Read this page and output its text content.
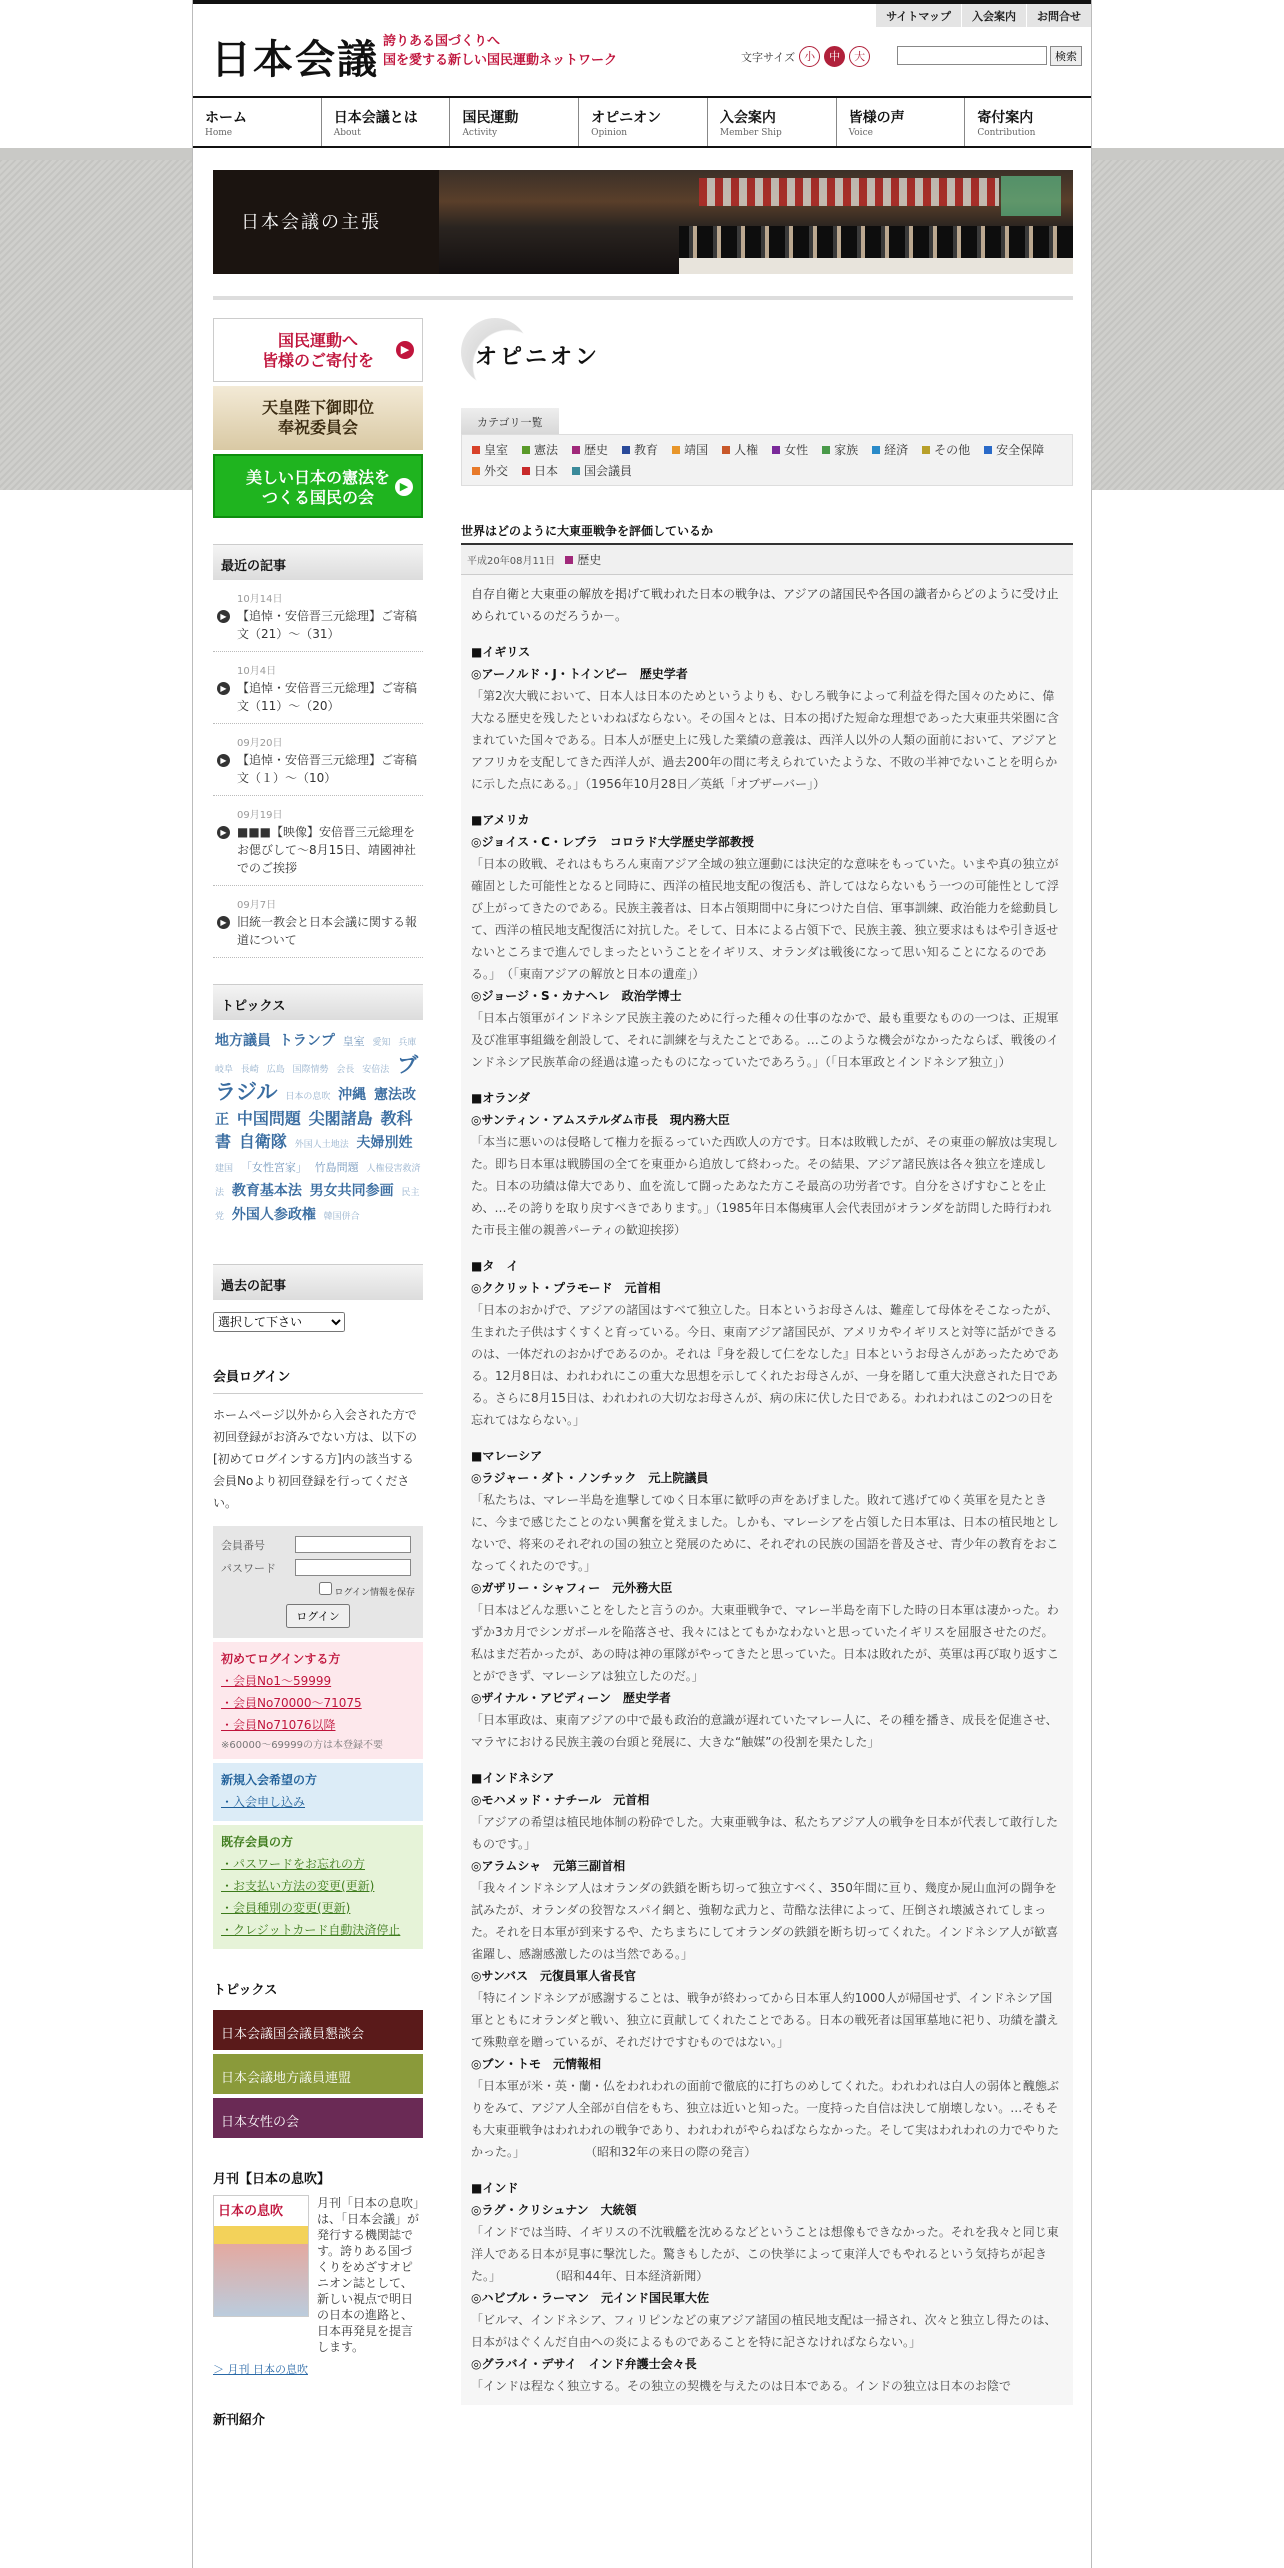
サイトマップ	入会案内	お問合せ
日本会議 誇りある国づくりへ
国を愛する新しい国民運動ネットワーク	文字サイズ 小	中	大	検索
ホーム
Home
日本会議とは
About
国民運動
Activity
オピニオン
Opinion
入会案内
Member Ship
皆様の声
Voice
寄付案内
Contribution
日本会議の主張
国民運動へ
皆様のご寄付を
▶
天皇陛下御即位
奉祝委員会
美しい日本の憲法を
つくる国民の会
▶
最近の記事
10月14日
▶ 【追悼・安倍晋三元総理】ご寄稿文（21）～（31）
10月4日
▶ 【追悼・安倍晋三元総理】ご寄稿文（11）～（20）
09月20日
▶ 【追悼・安倍晋三元総理】ご寄稿文（１）～（10）
09月19日
▶ ■■■【映像】安倍晋三元総理をお偲びして～8月15日、靖國神社でのご挨拶
09月7日
▶ 旧統一教会と日本会議に関する報道について
トピックス
地方議員 トランプ 皇室 愛知 兵庫 岐阜 長崎 広島 国際情勢 会長 安倍法 ブラジル 日本の息吹 沖縄 憲法改正 中国問題 尖閣諸島 教科書 自衛隊 外国人土地法 夫婦別姓 建国 「女性宮家」 竹島問題 人権侵害救済法 教育基本法 男女共同参画 民主党 外国人参政権 韓国併合
過去の記事
選択して下さい
会員ログイン

ホームページ以外から入会された方で初回登録がお済みでない方は、以下の[初めてログインする方]内の該当する会員Noより初回登録を行ってください。

会員番号
パスワード
ログイン情報を保存
ログイン
初めてログインする方
・会員No1～59999
・会員No70000～71075
・会員No71076以降
※60000～69999の方は本登録不要
新規入会希望の方
・入会申し込み
既存会員の方
・パスワードをお忘れの方
・お支払い方法の変更(更新)
・会員種別の変更(更新)
・クレジットカード自動決済停止
トピックス
日本会議国会議員懇談会
日本会議地方議員連盟
日本女性の会
月刊【日本の息吹】
日本の息吹

月刊「日本の息吹」は、「日本会議」が発行する機関誌です。誇りある国づくりをめざすオピニオン誌として、新しい視点で明日の日本の進路と、日本再発見を提言します。

＞ 月刊 日本の息吹
新刊紹介
オピニオン
カテゴリ一覧
皇室 憲法 歴史 教育 靖国 人権 女性 家族 経済 その他 安全保障
外交 日本 国会議員
世界はどのように大東亜戦争を評価しているか
平成20年08月11日 歴史

自存自衛と大東亜の解放を掲げて戦われた日本の戦争は、アジアの諸国民や各国の識者からどのように受け止められているのだろうか－。

■イギリス
◎アーノルド・J・トインビー　歴史学者
「第2次大戦において、日本人は日本のためというよりも、むしろ戦争によって利益を得た国々のために、偉大なる歴史を残したといわねばならない。その国々とは、日本の掲げた短命な理想であった大東亜共栄圏に含まれていた国々である。日本人が歴史上に残した業績の意義は、西洋人以外の人類の面前において、アジアとアフリカを支配してきた西洋人が、過去200年の間に考えられていたような、不敗の半神でないことを明らかに示した点にある。」（1956年10月28日／英紙「オブザーバー」）
■アメリカ
◎ジョイス・C・レブラ　コロラド大学歴史学部教授
「日本の敗戦、それはもちろん東南アジア全域の独立運動には決定的な意味をもっていた。いまや真の独立が確固とした可能性となると同時に、西洋の植民地支配の復活も、許してはならないもう一つの可能性として浮び上がってきたのである。民族主義者は、日本占領期間中に身につけた自信、軍事訓練、政治能力を総動員して、西洋の植民地支配復活に対抗した。そして、日本による占領下で、民族主義、独立要求はもはや引き返せないところまで進んでしまったということをイギリス、オランダは戦後になって思い知ることになるのである。」　（「東南アジアの解放と日本の遺産」）
◎ジョージ・S・カナヘレ　政治学博士
「日本占領軍がインドネシア民族主義のために行った種々の仕事のなかで、最も重要なものの一つは、正規軍及び准軍事組織を創設して、それに訓練を与えたことである。…このような機会がなかったならば、戦後のインドネシア民族革命の経過は違ったものになっていたであろう。」（「日本軍政とインドネシア独立」）
■オランダ
◎サンティン・アムステルダム市長　現内務大臣
「本当に悪いのは侵略して権力を振るっていた西欧人の方です。日本は敗戦したが、その東亜の解放は実現した。即ち日本軍は戦勝国の全てを東亜から追放して終わった。その結果、アジア諸民族は各々独立を達成した。日本の功績は偉大であり、血を流して闘ったあなた方こそ最高の功労者です。自分をさげすむことを止め、…その誇りを取り戻すべきであります。」（1985年日本傷痍軍人会代表団がオランダを訪問した時行われた市長主催の親善パーティの歓迎挨拶）
■タ　イ
◎ククリット・プラモード　元首相
「日本のおかげで、アジアの諸国はすべて独立した。日本というお母さんは、難産して母体をそこなったが、生まれた子供はすくすくと育っている。今日、東南アジア諸国民が、アメリカやイギリスと対等に話ができるのは、一体だれのおかげであるのか。それは『身を殺して仁をなした』日本というお母さんがあったためである。12月8日は、われわれにこの重大な思想を示してくれたお母さんが、一身を賭して重大決意された日である。さらに8月15日は、われわれの大切なお母さんが、病の床に伏した日である。われわれはこの2つの日を忘れてはならない。」
■マレーシア
◎ラジャー・ダト・ノンチック　元上院議員
「私たちは、マレー半島を進撃してゆく日本軍に歓呼の声をあげました。敗れて逃げてゆく英軍を見たときに、今まで感じたことのない興奮を覚えました。しかも、マレーシアを占領した日本軍は、日本の植民地としないで、将来のそれぞれの国の独立と発展のために、それぞれの民族の国語を普及させ、青少年の教育をおこなってくれたのです。」
◎ガザリー・シャフィー　元外務大臣
「日本はどんな悪いことをしたと言うのか。大東亜戦争で、マレー半島を南下した時の日本軍は凄かった。わずか3カ月でシンガポールを陥落させ、我々にはとてもかなわないと思っていたイギリスを屈服させたのだ。私はまだ若かったが、あの時は神の軍隊がやってきたと思っていた。日本は敗れたが、英軍は再び取り返すことができず、マレーシアは独立したのだ。」
◎ザイナル・アビディーン　歴史学者
「日本軍政は、東南アジアの中で最も政治的意識が遅れていたマレー人に、その種を播き、成長を促進させ、マラヤにおける民族主義の台頭と発展に、大きな“触媒”の役割を果たした」
■インドネシア
◎モハメッド・ナチール　元首相
「アジアの希望は植民地体制の粉砕でした。大東亜戦争は、私たちアジア人の戦争を日本が代表して敢行したものです。」
◎アラムシャ　元第三副首相
「我々インドネシア人はオランダの鉄鎖を断ち切って独立すべく、350年間に亘り、幾度か屍山血河の闘争を試みたが、オランダの狡智なスパイ網と、強靭な武力と、苛酷な法律によって、圧倒され壊滅されてしまった。それを日本軍が到来するや、たちまちにしてオランダの鉄鎖を断ち切ってくれた。インドネシア人が歓喜雀躍し、感謝感激したのは当然である。」
◎サンバス　元復員軍人省長官
「特にインドネシアが感謝することは、戦争が終わってから日本軍人約1000人が帰国せず、インドネシア国軍とともにオランダと戦い、独立に貢献してくれたことである。日本の戦死者は国軍墓地に祀り、功績を讃えて殊勲章を贈っているが、それだけですむものではない。」
◎ブン・トモ　元情報相
「日本軍が米・英・蘭・仏をわれわれの面前で徹底的に打ちのめしてくれた。われわれは白人の弱体と醜態ぶりをみて、アジア人全部が自信をもち、独立は近いと知った。一度持った自信は決して崩壊しない。…そもそも大東亜戦争はわれわれの戦争であり、われわれがやらねばならなかった。そして実はわれわれの力でやりたかった。」　　　　　　（昭和32年の来日の際の発言）
■インド
◎ラグ・クリシュナン　大統領
「インドでは当時、イギリスの不沈戦艦を沈めるなどということは想像もできなかった。それを我々と同じ東洋人である日本が見事に撃沈した。驚きもしたが、この快挙によって東洋人でもやれるという気持ちが起きた。」　　　　　（昭和44年、日本経済新聞）
◎ハビブル・ラーマン　元インド国民軍大佐
「ビルマ、インドネシア、フィリピンなどの東アジア諸国の植民地支配は一掃され、次々と独立し得たのは、日本がはぐくんだ自由への炎によるものであることを特に記さなければならない。」
◎グラバイ・デサイ　インド弁護士会々長
「インドは程なく独立する。その独立の契機を与えたのは日本である。インドの独立は日本のお陰で
